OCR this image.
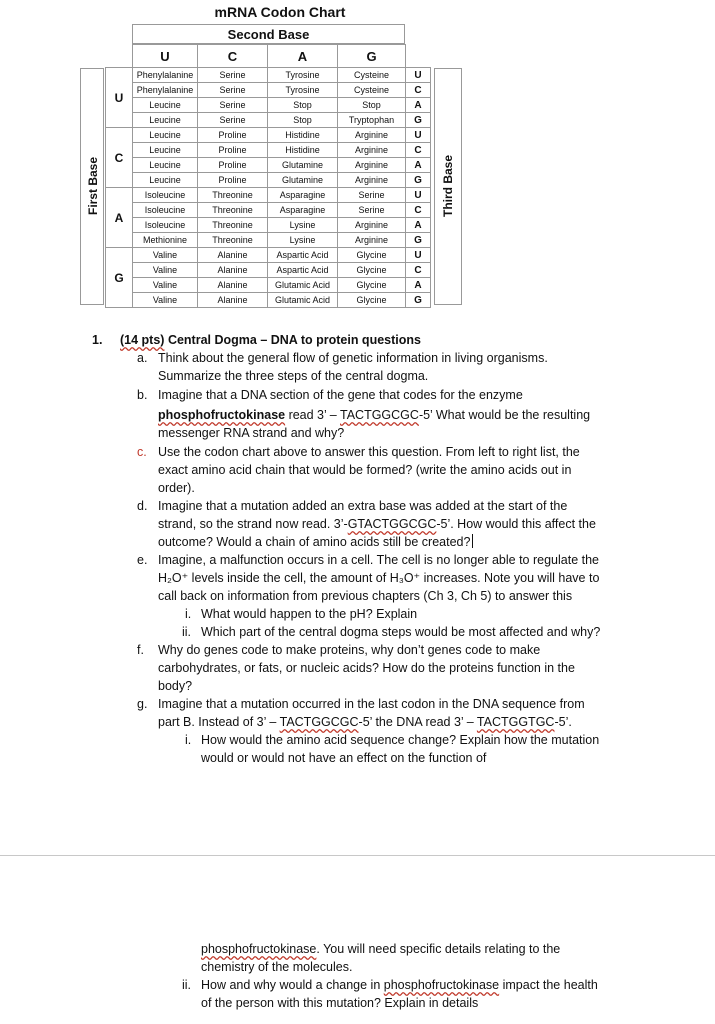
mRNA Codon Chart
Second Base
First Base	Third Base
	U	C	A	G	
U	Phenylalanine	Serine	Tyrosine	Cysteine	U
	Phenylalanine	Serine	Tyrosine	Cysteine	C
	Leucine	Serine	Stop	Stop	A
	Leucine	Serine	Stop	Tryptophan	G
C	Leucine	Proline	Histidine	Arginine	U
	Leucine	Proline	Histidine	Arginine	C
	Leucine	Proline	Glutamine	Arginine	A
	Leucine	Proline	Glutamine	Arginine	G
A	Isoleucine	Threonine	Asparagine	Serine	U
	Isoleucine	Threonine	Asparagine	Serine	C
	Isoleucine	Threonine	Lysine	Arginine	A
	Methionine	Threonine	Lysine	Arginine	G
G	Valine	Alanine	Aspartic Acid	Glycine	U
	Valine	Alanine	Aspartic Acid	Glycine	C
	Valine	Alanine	Glutamic Acid	Glycine	A
	Valine	Alanine	Glutamic Acid	Glycine	G
1. (14 pts) Central Dogma – DNA to protein questions
a. Think about the general flow of genetic information in living organisms.
Summarize the three steps of the central dogma.
b. Imagine that a DNA section of the gene that codes for the enzyme
phosphofructokinase read 3’ – TACTGGCGC-5’ What would be the resulting
messenger RNA strand and why?
c. Use the codon chart above to answer this question. From left to right list, the
exact amino acid chain that would be formed? (write the amino acids out in
order).
d. Imagine that a mutation added an extra base was added at the start of the
strand, so the strand now read. 3’-GTACTGGCGC-5’. How would this affect the
outcome? Would a chain of amino acids still be created?
e. Imagine, a malfunction occurs in a cell. The cell is no longer able to regulate the
H₂O⁺ levels inside the cell, the amount of H₃O⁺ increases. Note you will have to
call back on information from previous chapters (Ch 3, Ch 5) to answer this
i. What would happen to the pH? Explain
ii. Which part of the central dogma steps would be most affected and why?
f. Why do genes code to make proteins, why don’t genes code to make
carbohydrates, or fats, or nucleic acids? How do the proteins function in the
body?
g. Imagine that a mutation occurred in the last codon in the DNA sequence from
part B. Instead of 3’ – TACTGGCGC-5’ the DNA read 3’ – TACTGGTGC-5’.
i. How would the amino acid sequence change? Explain how the mutation
would or would not have an effect on the function of
phosphofructokinase. You will need specific details relating to the
chemistry of the molecules.
ii. How and why would a change in phosphofructokinase impact the health
of the person with this mutation? Explain in details
